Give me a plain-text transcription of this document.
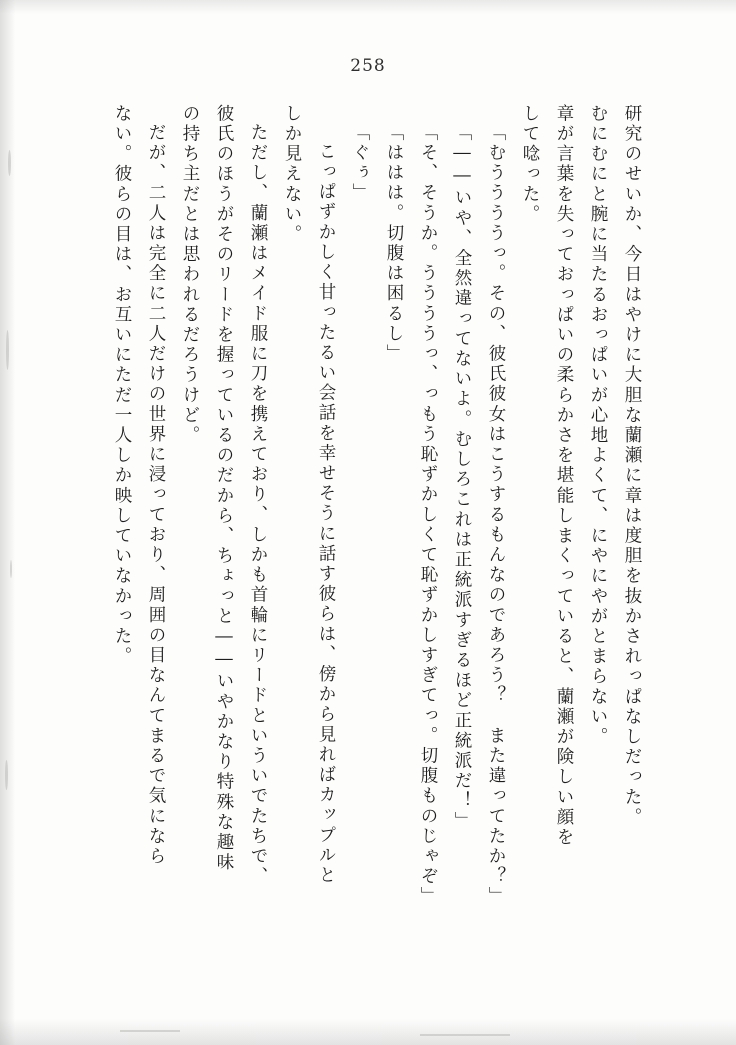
258
研究のせいか、今日はやけに大胆な蘭瀬に章は度胆を抜かされっぱなしだった。
むにむにと腕に当たるおっぱいが心地よくて、にやにやがとまらない。
章が言葉を失っておっぱいの柔らかさを堪能しまくっていると、蘭瀬が険しい顔を
して唸った。
「むううううっ。その、彼氏彼女はこうするもんなのであろう？　また違ってたか？」
「――いや、全然違ってないよ。むしろこれは正統派すぎるほど正統派だ！」
「そ、そうか。ううううっ、っもう恥ずかしくて恥ずかしすぎてっ。切腹ものじゃぞ」
「ははは。切腹は困るし」
「ぐぅ」
こっぱずかしく甘ったるい会話を幸せそうに話す彼らは、傍から見ればカップルと
しか見えない。
ただし、蘭瀬はメイド服に刀を携えており、しかも首輪にリードといういでたちで、
彼氏のほうがそのリードを握っているのだから、ちょっと――いやかなり特殊な趣味
の持ち主だとは思われるだろうけど。
だが、二人は完全に二人だけの世界に浸っており、周囲の目なんてまるで気になら
ない。彼らの目は、お互いにただ一人しか映していなかった。
